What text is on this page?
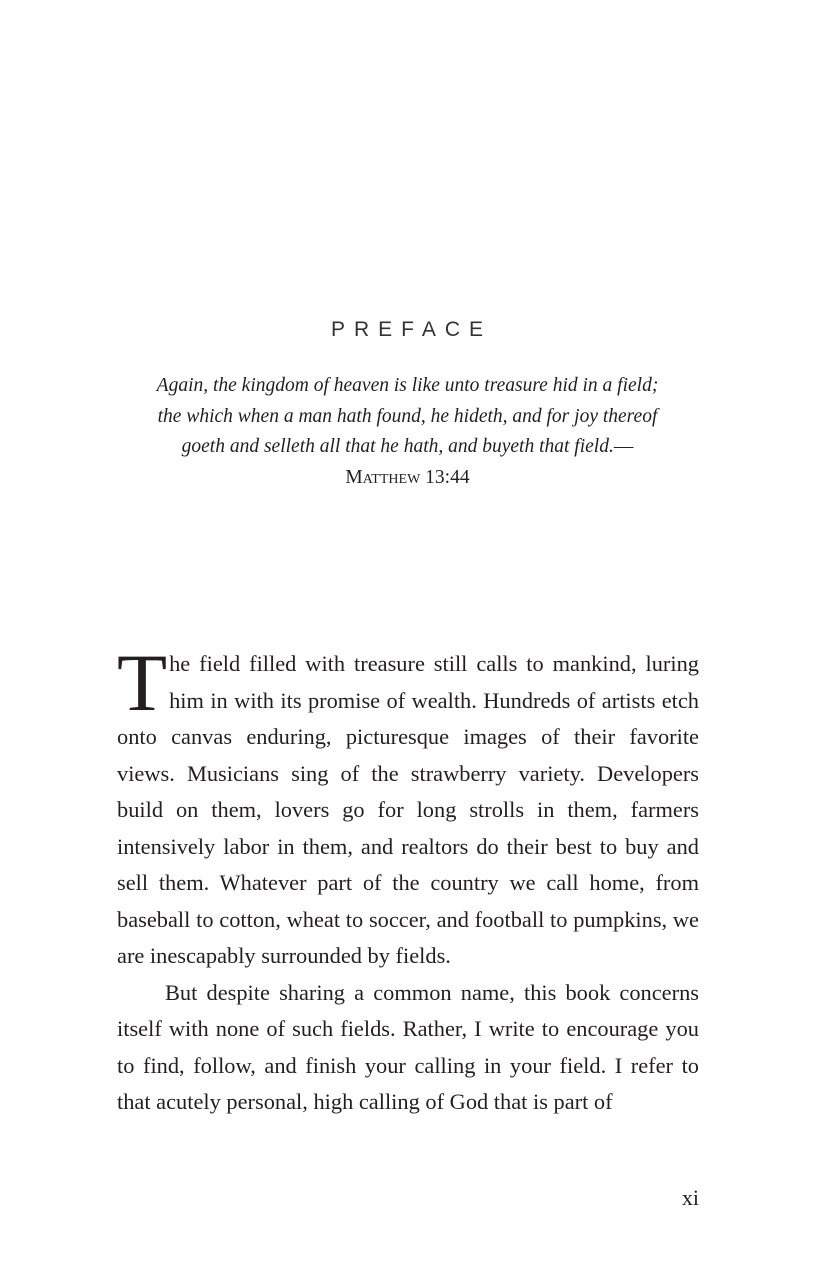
PREFACE

Again, the kingdom of heaven is like unto treasure hid in a field; the which when a man hath found, he hideth, and for joy thereof goeth and selleth all that he hath, and buyeth that field.—Matthew 13:44

The field filled with treasure still calls to mankind, luring him in with its promise of wealth. Hundreds of artists etch onto canvas enduring, picturesque images of their favorite views. Musicians sing of the strawberry variety. Developers build on them, lovers go for long strolls in them, farmers intensively labor in them, and realtors do their best to buy and sell them. Whatever part of the country we call home, from baseball to cotton, wheat to soccer, and football to pumpkins, we are inescapably surrounded by fields.

But despite sharing a common name, this book concerns itself with none of such fields. Rather, I write to encourage you to find, follow, and finish your calling in your field. I refer to that acutely personal, high calling of God that is part of

xi
